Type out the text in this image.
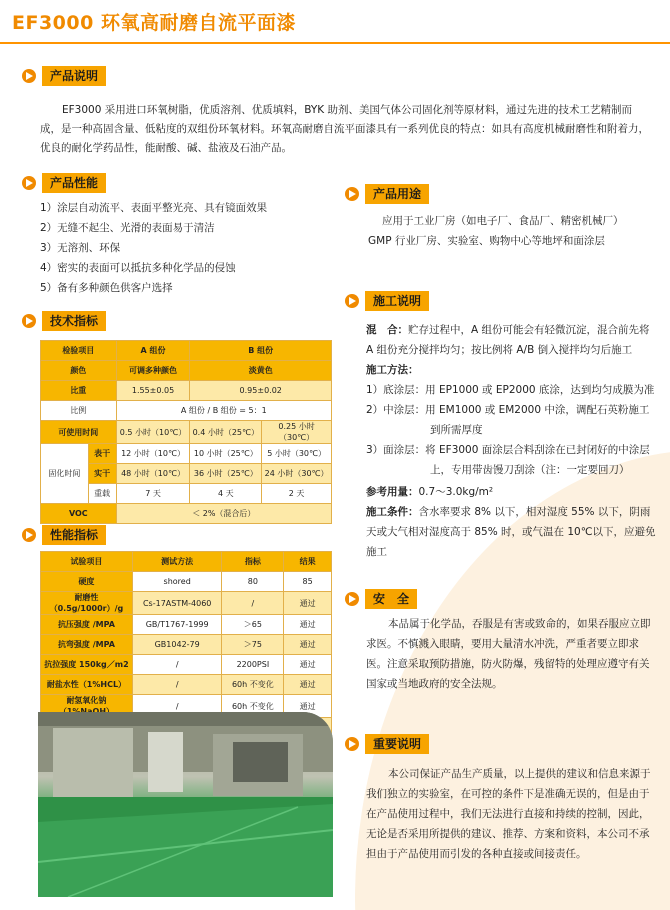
EF3000 环氧高耐磨自流平面漆
产品说明
EF3000 采用进口环氧树脂，优质溶剂、优质填料，BYK 助剂、美国气体公司固化剂等原材料，通过先进的技术工艺精制而成，是一种高固含量、低粘度的双组份环氧材料。环氧高耐磨自流平面漆具有一系列优良的特点：如具有高度机械耐磨性和附着力，优良的耐化学药品性，能耐酸、碱、盐液及石油产品。
产品性能
1）涂层自动流平、表面平整光亮、具有镜面效果
2）无缝不起尘、光滑的表面易于清洁
3）无溶剂、环保
4）密实的表面可以抵抗多种化学品的侵蚀
5）备有多种颜色供客户选择
技术指标
检验项目		A 组份	B 组份	
颜色		可调多种颜色	淡黄色	
比重		1.55±0.05	0.95±0.02	
比例		A 组份 / B 组份 = 5：1		
可使用时间		0.5 小时（10℃）	0.4 小时（25℃）	0.25 小时（30℃）
固化时间	表干	12 小时（10℃）	10 小时（25℃）	5 小时（30℃）
	实干	48 小时（10℃）	36 小时（25℃）	24 小时（30℃）
	重载	7 天	4 天	2 天
VOC		＜ 2%（混合后）		
性能指标
试验项目	测试方法	指标	结果
硬度	shored	80	85
耐磨性（0.5g/1000r）/g	Cs-17ASTM-4060	/	通过
抗压强度 /MPA	GB/T1767-1999	＞65	通过
抗弯强度 /MPA	GB1042-79	＞75	通过
抗拉强度 150kg／m2	/	2200PSI	通过
耐盐水性（1%HCL）	/	60h 不变化	通过
耐氢氧化钠	/	60h 不变化	通过

产品用途
应用于工业厂房（如电子厂、食品厂、精密机械厂）
GMP 行业厂房、实验室、购物中心等地坪和面涂层
施工说明
混　合：贮存过程中，A 组份可能会有轻微沉淀，混合前先将 A 组份充分搅拌均匀；按比例将 A/B 倒入搅拌均匀后施工
施工方法：
1）底涂层：用 EP1000 或 EP2000 底涂，达到均匀成膜为准
2）中涂层：用 EM1000 或 EM2000 中涂，调配石英粉施工到所需厚度
3）面涂层：将 EF3000 面涂层合料刮涂在已封闭好的中涂层上，专用带齿馒刀刮涂（注：一定要回刀）
参考用量：0.7～3.0kg/m²
施工条件：含水率要求 8% 以下，相对湿度 55% 以下，阴雨天或大气相对湿度高于 85% 时，或气温在 10℃以下，应避免施工
安　全
本品属于化学品，吞服是有害或致命的，如果吞服应立即求医。不慎溅入眼睛，要用大量清水冲洗，严重者要立即求医。注意采取预防措施，防火防爆，残留特的处理应遵守有关国家或当地政府的安全法规。
重要说明
本公司保证产品生产质量，以上提供的建议和信息来源于我们独立的实验室，在可控的条件下是准确无误的，但是由于在产品使用过程中，我们无法进行直接和持续的控制，因此，无论是否采用所提供的建议、推荐、方案和资料，本公司不承担由于产品使用而引发的各种直接或间接责任。
